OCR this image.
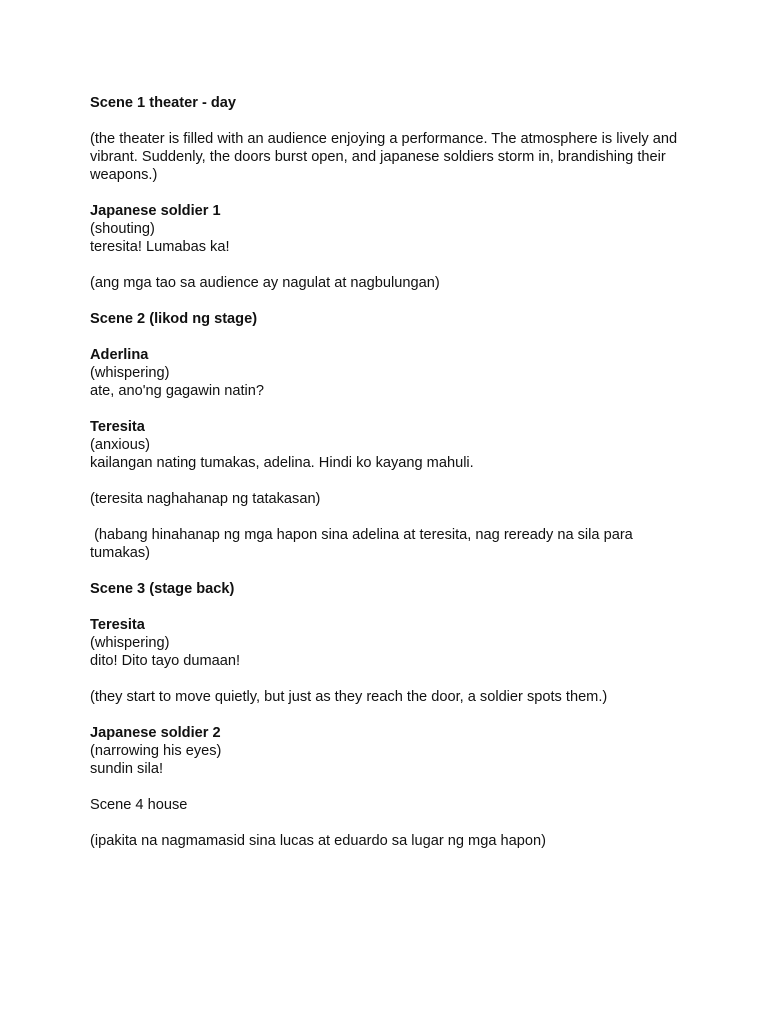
Scene 1 theater - day
(the theater is filled with an audience enjoying a performance. The atmosphere is lively and vibrant. Suddenly, the doors burst open, and japanese soldiers storm in, brandishing their weapons.)
Japanese soldier 1
(shouting)
teresita! Lumabas ka!
(ang mga tao sa audience ay nagulat at nagbulungan)
Scene 2 (likod ng stage)
Aderlina
(whispering)
ate, ano'ng gagawin natin?
Teresita
(anxious)
kailangan nating tumakas, adelina. Hindi ko kayang mahuli.
(teresita naghahanap ng tatakasan)
(habang hinahanap ng mga hapon sina adelina at teresita, nag reready na sila para tumakas)
Scene 3 (stage back)
Teresita
(whispering)
dito! Dito tayo dumaan!
(they start to move quietly, but just as they reach the door, a soldier spots them.)
Japanese soldier 2
(narrowing his eyes)
sundin sila!
Scene 4 house
(ipakita na nagmamasid sina lucas at eduardo sa lugar ng mga hapon)
